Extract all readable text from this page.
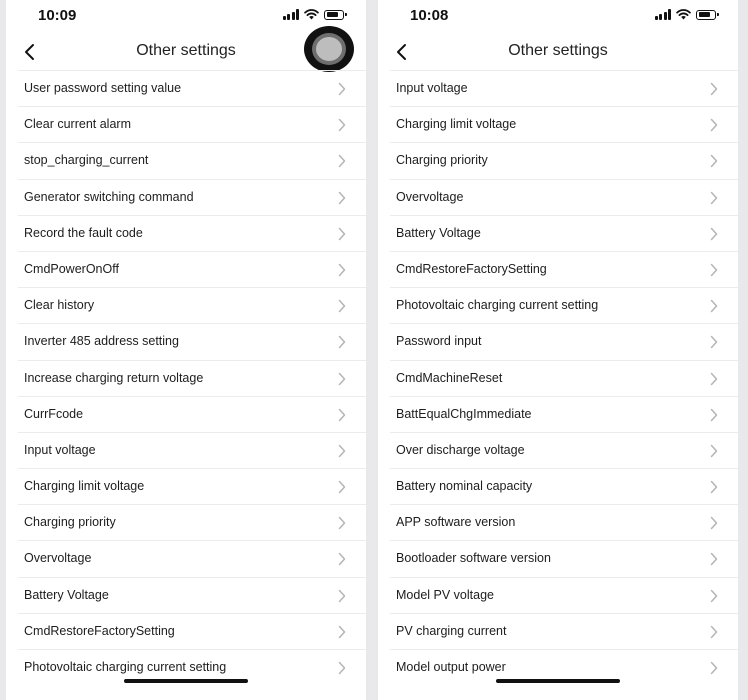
10:09
Other settings
User password setting value
Clear current alarm
stop_charging_current
Generator switching command
Record the fault code
CmdPowerOnOff
Clear history
Inverter 485 address setting
Increase charging return voltage
CurrFcode
Input voltage
Charging limit voltage
Charging priority
Overvoltage
Battery Voltage
CmdRestoreFactorySetting
Photovoltaic charging current setting
10:08
Other settings
Input voltage
Charging limit voltage
Charging priority
Overvoltage
Battery Voltage
CmdRestoreFactorySetting
Photovoltaic charging current setting
Password input
CmdMachineReset
BattEqualChgImmediate
Over discharge voltage
Battery nominal capacity
APP software version
Bootloader software version
Model PV voltage
PV charging current
Model output power
